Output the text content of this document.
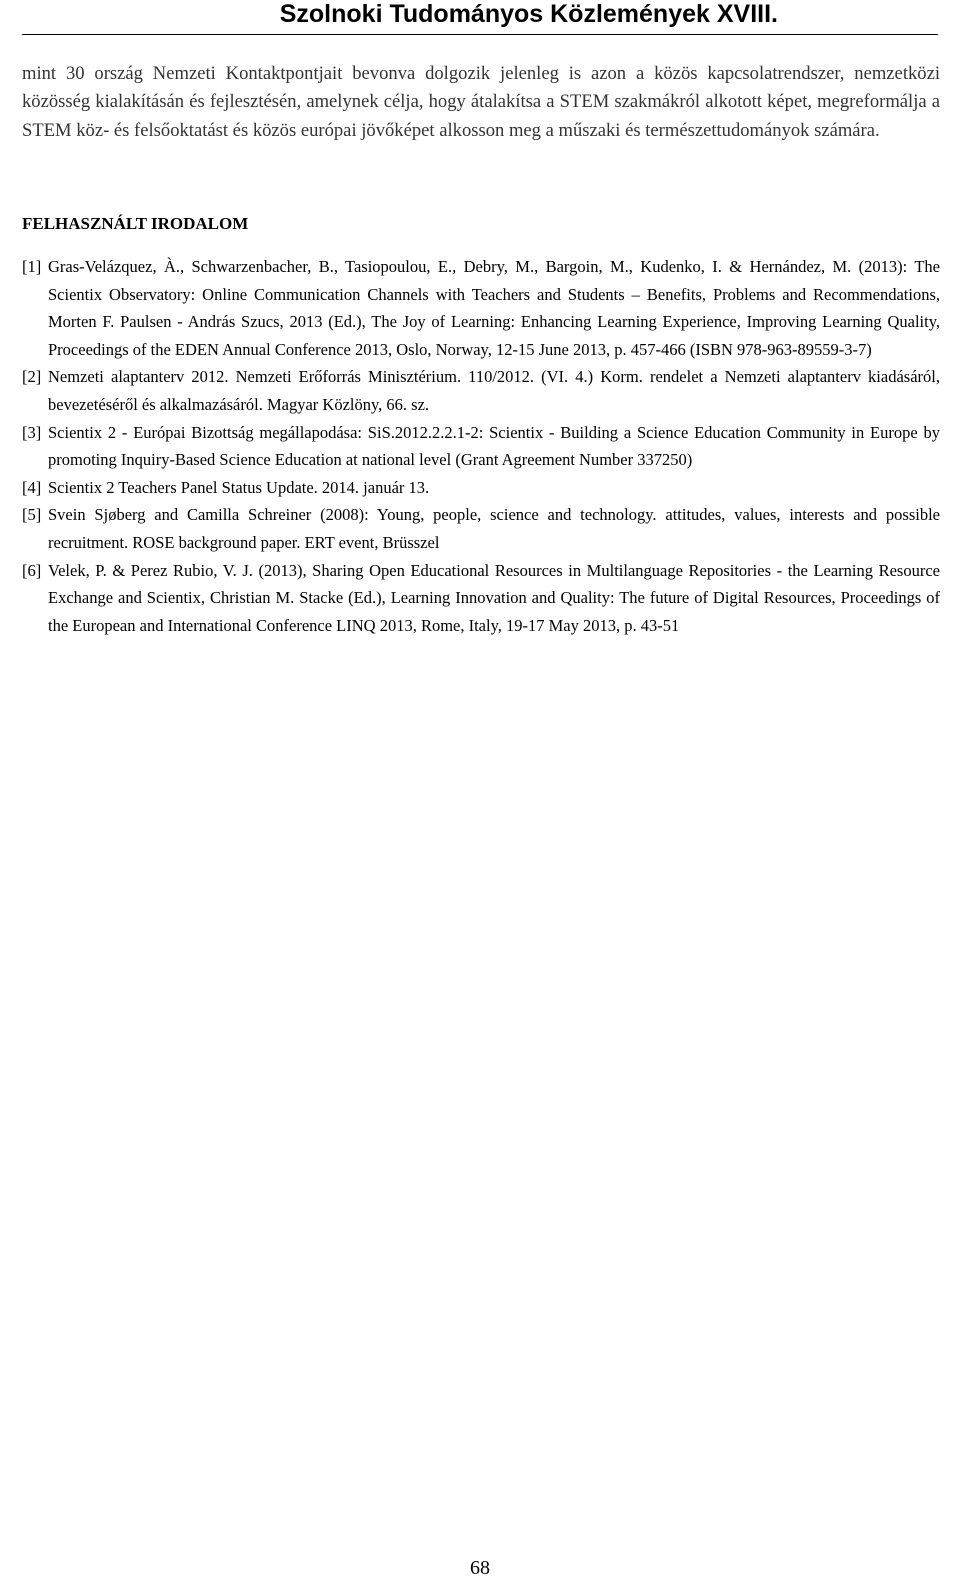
Szolnoki Tudományos Közlemények XVIII.

mint 30 ország Nemzeti Kontaktpontjait bevonva dolgozik jelenleg is azon a közös kapcsolatrendszer, nemzetközi közösség kialakításán és fejlesztésén, amelynek célja, hogy átalakítsa a STEM szakmákról alkotott képet, megreformálja a STEM köz- és felsőoktatást és közös európai jövőképet alkosson meg a műszaki és természettudományok számára.

FELHASZNÁLT IRODALOM
[1] Gras-Velázquez, À., Schwarzenbacher, B., Tasiopoulou, E., Debry, M., Bargoin, M., Kudenko, I. & Hernández, M. (2013): The Scientix Observatory: Online Communication Channels with Teachers and Students – Benefits, Problems and Recommendations, Morten F. Paulsen - András Szucs, 2013 (Ed.), The Joy of Learning: Enhancing Learning Experience, Improving Learning Quality, Proceedings of the EDEN Annual Conference 2013, Oslo, Norway, 12-15 June 2013, p. 457-466 (ISBN 978-963-89559-3-7)
[2] Nemzeti alaptanterv 2012. Nemzeti Erőforrás Minisztérium. 110/2012. (VI. 4.) Korm. rendelet a Nemzeti alaptanterv kiadásáról, bevezetéséről és alkalmazásáról. Magyar Közlöny, 66. sz.
[3] Scientix 2 - Európai Bizottság megállapodása: SiS.2012.2.2.1-2: Scientix - Building a Science Education Community in Europe by promoting Inquiry-Based Science Education at national level (Grant Agreement Number 337250)
[4] Scientix 2 Teachers Panel Status Update. 2014. január 13.
[5] Svein Sjøberg and Camilla Schreiner (2008): Young, people, science and technology. attitudes, values, interests and possible recruitment. ROSE background paper. ERT event, Brüsszel
[6] Velek, P. & Perez Rubio, V. J. (2013), Sharing Open Educational Resources in Multilanguage Repositories - the Learning Resource Exchange and Scientix, Christian M. Stacke (Ed.), Learning Innovation and Quality: The future of Digital Resources, Proceedings of the European and International Conference LINQ 2013, Rome, Italy, 19-17 May 2013, p. 43-51
68
